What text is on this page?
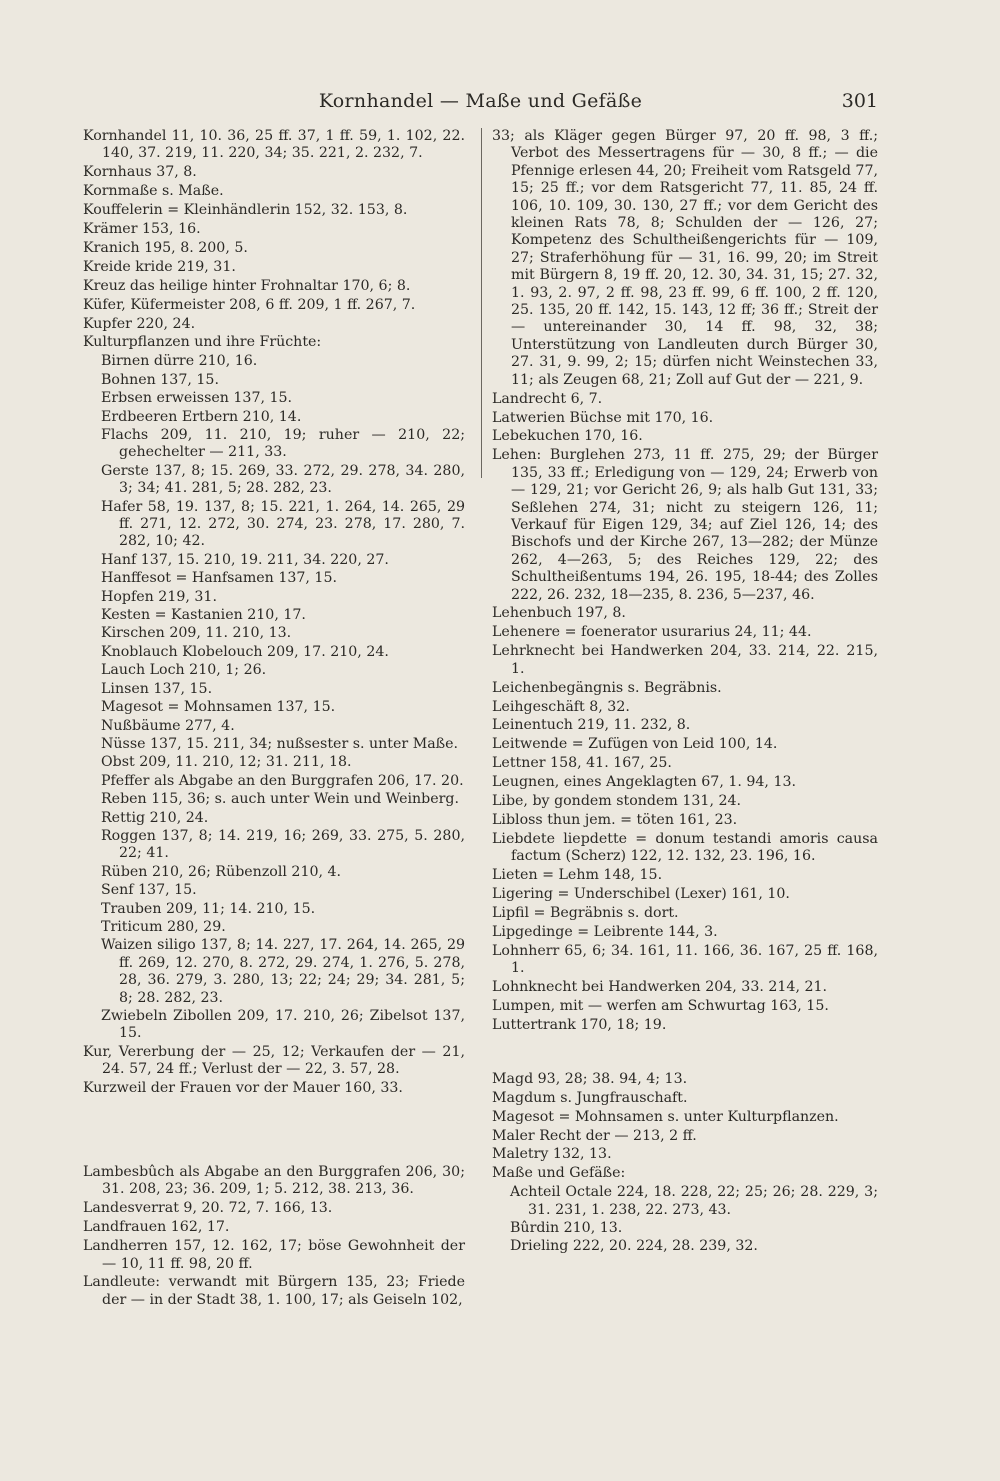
Kornhandel — Maße und Gefäße	301
Kornhandel 11, 10. 36, 25 ff. 37, 1 ff. 59, 1. 102, 22. 140, 37. 219, 11. 220, 34; 35. 221, 2. 232, 7.
Kornhaus 37, 8.
Kornmaße s. Maße.
Kouffelerin = Kleinhändlerin 152, 32. 153, 8.
Krämer 153, 16.
Kranich 195, 8. 200, 5.
Kreide kride 219, 31.
Kreuz das heilige hinter Frohnaltar 170, 6; 8.
Küfer, Küfermeister 208, 6 ff. 209, 1 ff. 267, 7.
Kupfer 220, 24.
Kulturpflanzen und ihre Früchte:
Birnen dürre 210, 16.
Bohnen 137, 15.
Erbsen erweissen 137, 15.
Erdbeeren Ertbern 210, 14.
Flachs 209, 11. 210, 19; ruher — 210, 22; gehechelter — 211, 33.
Gerste 137, 8; 15. 269, 33. 272, 29. 278, 34. 280, 3; 34; 41. 281, 5; 28. 282, 23.
Hafer 58, 19. 137, 8; 15. 221, 1. 264, 14. 265, 29 ff. 271, 12. 272, 30. 274, 23. 278, 17. 280, 7. 282, 10; 42.
Hanf 137, 15. 210, 19. 211, 34. 220, 27.
Hanffesot = Hanfsamen 137, 15.
Hopfen 219, 31.
Kesten = Kastanien 210, 17.
Kirschen 209, 11. 210, 13.
Knoblauch Klobelouch 209, 17. 210, 24.
Lauch Loch 210, 1; 26.
Linsen 137, 15.
Magesot = Mohnsamen 137, 15.
Nußbäume 277, 4.
Nüsse 137, 15. 211, 34; nußsester s. unter Maße.
Obst 209, 11. 210, 12; 31. 211, 18.
Pfeffer als Abgabe an den Burggrafen 206, 17. 20.
Reben 115, 36; s. auch unter Wein und Weinberg.
Rettig 210, 24.
Roggen 137, 8; 14. 219, 16; 269, 33. 275, 5. 280, 22; 41.
Rüben 210, 26; Rübenzoll 210, 4.
Senf 137, 15.
Trauben 209, 11; 14. 210, 15.
Triticum 280, 29.
Waizen siligo 137, 8; 14. 227, 17. 264, 14. 265, 29 ff. 269, 12. 270, 8. 272, 29. 274, 1. 276, 5. 278, 28, 36. 279, 3. 280, 13; 22; 24; 29; 34. 281, 5; 8; 28. 282, 23.
Zwiebeln Zibollen 209, 17. 210, 26; Zibelsot 137, 15.
Kur, Vererbung der — 25, 12; Verkaufen der — 21, 24. 57, 24 ff.; Verlust der — 22, 3. 57, 28.
Kurzweil der Frauen vor der Mauer 160, 33.
Lambesbûch als Abgabe an den Burggrafen 206, 30; 31. 208, 23; 36. 209, 1; 5. 212, 38. 213, 36.
Landesverrat 9, 20. 72, 7. 166, 13.
Landfrauen 162, 17.
Landherren 157, 12. 162, 17; böse Gewohnheit der — 10, 11 ff. 98, 20 ff.
Landleute: verwandt mit Bürgern 135, 23; Friede der — in der Stadt 38, 1. 100, 17; als Geiseln 102,
33; als Kläger gegen Bürger 97, 20 ff. 98, 3 ff.; Verbot des Messertragens für — 30, 8 ff.; — die Pfennige erlesen 44, 20; Freiheit vom Ratsgeld 77, 15; 25 ff.; vor dem Ratsgericht 77, 11. 85, 24 ff. 106, 10. 109, 30. 130, 27 ff.; vor dem Gericht des kleinen Rats 78, 8; Schulden der — 126, 27; Kompetenz des Schultheißengerichts für — 109, 27; Straferhöhung für — 31, 16. 99, 20; im Streit mit Bürgern 8, 19 ff. 20, 12. 30, 34. 31, 15; 27. 32, 1. 93, 2. 97, 2 ff. 98, 23 ff. 99, 6 ff. 100, 2 ff. 120, 25. 135, 20 ff. 142, 15. 143, 12 ff; 36 ff.; Streit der — untereinander 30, 14 ff. 98, 32, 38; Unterstützung von Landleuten durch Bürger 30, 27. 31, 9. 99, 2; 15; dürfen nicht Weinstechen 33, 11; als Zeugen 68, 21; Zoll auf Gut der — 221, 9.
Landrecht 6, 7.
Latwerien Büchse mit 170, 16.
Lebekuchen 170, 16.
Lehen: Burglehen 273, 11 ff. 275, 29; der Bürger 135, 33 ff.; Erledigung von — 129, 24; Erwerb von — 129, 21; vor Gericht 26, 9; als halb Gut 131, 33; Seßlehen 274, 31; nicht zu steigern 126, 11; Verkauf für Eigen 129, 34; auf Ziel 126, 14; des Bischofs und der Kirche 267, 13—282; der Münze 262, 4—263, 5; des Reiches 129, 22; des Schultheißentums 194, 26. 195, 18-44; des Zolles 222, 26. 232, 18—235, 8. 236, 5—237, 46.
Lehenbuch 197, 8.
Lehenere = foenerator usurarius 24, 11; 44.
Lehrknecht bei Handwerken 204, 33. 214, 22. 215, 1.
Leichenbegängnis s. Begräbnis.
Leihgeschäft 8, 32.
Leinentuch 219, 11. 232, 8.
Leitwende = Zufügen von Leid 100, 14.
Lettner 158, 41. 167, 25.
Leugnen, eines Angeklagten 67, 1. 94, 13.
Libe, by gondem stondem 131, 24.
Libloss thun jem. = töten 161, 23.
Liebdete liepdette = donum testandi amoris causa factum (Scherz) 122, 12. 132, 23. 196, 16.
Lieten = Lehm 148, 15.
Ligering = Underschibel (Lexer) 161, 10.
Lipfil = Begräbnis s. dort.
Lipgedinge = Leibrente 144, 3.
Lohnherr 65, 6; 34. 161, 11. 166, 36. 167, 25 ff. 168, 1.
Lohnknecht bei Handwerken 204, 33. 214, 21.
Lumpen, mit — werfen am Schwurtag 163, 15.
Luttertrank 170, 18; 19.
Magd 93, 28; 38. 94, 4; 13.
Magdum s. Jungfrauschaft.
Magesot = Mohnsamen s. unter Kulturpflanzen.
Maler Recht der — 213, 2 ff.
Maletry 132, 13.
Maße und Gefäße:
Achteil Octale 224, 18. 228, 22; 25; 26; 28. 229, 3; 31. 231, 1. 238, 22. 273, 43.
Bûrdin 210, 13.
Drieling 222, 20. 224, 28. 239, 32.
